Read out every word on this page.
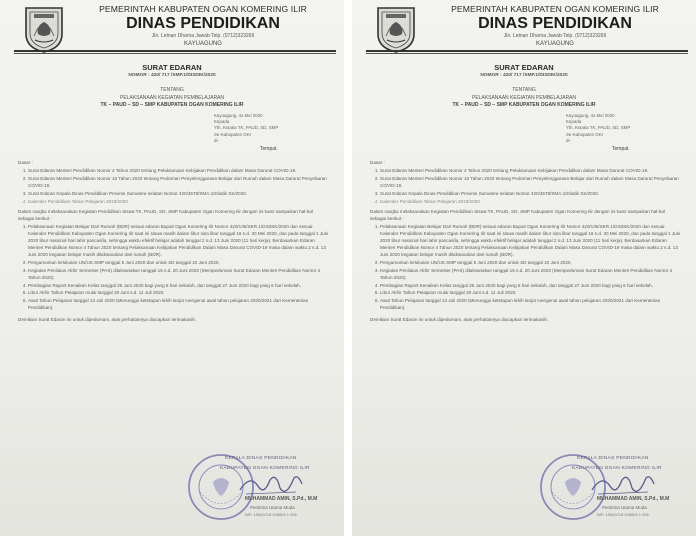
PEMERINTAH KABUPATEN OGAN KOMERING ILIR
DINAS PENDIDIKAN
Jln. Letnan Dharna Jawab Telp. (0712)323269
KAYUAGUNG
SURAT EDARAN
NOMOR : 420/ 717 /SMP.1/DISDIK/2020
TENTANG
PELAKSANAAN KEGIATAN PEMBELAJARAN
TK – PAUD – SD – SMP KABUPATEN OGAN KOMERING ILIR
Kayuagung, 4x Mei 2020
Kepada
Yth. Kepala TK, PAUD, SD, SMP
Se-Kabupaten OKI
di-
Tempat.

Dasar :

1. Surat Edaran Menteri Pendidikan Nomor 4 Tahun 2020 tentang Pelaksanaan Kebijakan Pendidikan dalam Masa Darurat COVID-19.
2. Surat Edaran Menteri Pendidikan Nomor 15 Tahun 2020 tentang Pedoman Penyelenggaraan Belajar dari Rumah dalam Masa Darurat Penyebaran COVID-19.
3. Surat Edaran Kepala Dinas Pendidikan Provinsi Sumatera selatan Nomor 420/4578/SMA.1/Disdik SS/2020.
4. Kalender Pendidikan Tahun Pelajaran 2019/2020.

Dalam rangka melaksanakan Kegiatan Pendidikan Siswa TK, PAUD, SD, SMP Kabupaten Ogan Komering Ilir dengan ini kami sampaikan hal-hal sebagai berikut :

1. Pelaksanaan Kegiatan Belajar Dari Rumah (BDR) sesuai edaran Bupati Ogan Komering Ilir Nomor 420/135/SKR.1/DISDIK/2020 dan sesuai Kalender Pendidikan Kabupaten Ogan Komering Ilir saat ini siswa masih dalam libur sisa libur tanggal 16 s.d. 30 Mei 2020, dan pada tanggal 1 Juni 2020 libur nasional hari lahir pancasila, sehingga waktu efektif belajar adalah tanggal 2 s.d. 13 Juni 2020 (11 hari kerja). Berdasarkan Edaran Menteri Pendidikan Nomor 4 Tahun 2020 tentang Pelaksanaan Kebijakan Pendidikan Dalam Masa Darurat COVID-19 maka dalam waktu 2 s.d. 13 Juni 2020 kegiatan belajar masih dilaksanakan dari rumah (BDR).
2. Pengumuman kelulusan UN/US SMP tanggal 5 Juni 2020 dan untuk SD tanggal 10 Juni 2020.
3. Kegiatan Penilaian Akhir Semester (PAS) dilaksanakan tanggal 15 s.d. 20 Juni 2020 (Mempedomani Surat Edaran Menteri Pendidikan Nomor 4 Tahun 2020).
4. Pembagian Raport Kenaikan Kelas tanggal 26 Juni 2020 bagi yang 5 hari sekolah, dan tanggal 27 Juni 2020 bagi yang 6 hari sekolah.
5. Libur Akhir Tahun Pelajaran mulai tanggal 29 Juni s.d. 11 Juli 2020.
6. Awal Tahun Pelajaran tanggal 13 Juli 2020 (Menunggu ketetapan lebih lanjut mengenai awal tahun pelajaran 2020/2021 dari Kementerian Pendidikan).

Demikian Surat Edaran ini untuk dipedomani, atas perhatiannya diucapkan terimakasih.

KEPALA DINAS PENDIDIKAN
KABUPATEN OGAN KOMERING ILIR
MUHAMMAD AMIN, S.Pd., M.M
Pembina Utama Muda
NIP. 19640218 198503 1 006
PEMERINTAH KABUPATEN OGAN KOMERING ILIR
DINAS PENDIDIKAN
Jln. Letnan Dharna Jawab Telp. (0712)323269
KAYUAGUNG
SURAT EDARAN
NOMOR : 420/ 717 /SMP.1/DISDIK/2020
TENTANG
PELAKSANAAN KEGIATAN PEMBELAJARAN
TK – PAUD – SD – SMP KABUPATEN OGAN KOMERING ILIR
Kayuagung, 4x Mei 2020
Kepada
Yth. Kepala TK, PAUD, SD, SMP
Se-Kabupaten OKI
di-
Tempat.

Dasar :

1. Surat Edaran Menteri Pendidikan Nomor 4 Tahun 2020 tentang Pelaksanaan Kebijakan Pendidikan dalam Masa Darurat COVID-19.
2. Surat Edaran Menteri Pendidikan Nomor 15 Tahun 2020 tentang Pedoman Penyelenggaraan Belajar dari Rumah dalam Masa Darurat Penyebaran COVID-19.
3. Surat Edaran Kepala Dinas Pendidikan Provinsi Sumatera selatan Nomor 420/4578/SMA.1/Disdik SS/2020.
4. Kalender Pendidikan Tahun Pelajaran 2019/2020.

Dalam rangka melaksanakan Kegiatan Pendidikan Siswa TK, PAUD, SD, SMP Kabupaten Ogan Komering Ilir dengan ini kami sampaikan hal-hal sebagai berikut :

1. Pelaksanaan Kegiatan Belajar Dari Rumah (BDR) sesuai edaran Bupati Ogan Komering Ilir Nomor 420/135/SKR.1/DISDIK/2020 dan sesuai Kalender Pendidikan Kabupaten Ogan Komering Ilir saat ini siswa masih dalam libur sisa libur tanggal 16 s.d. 30 Mei 2020, dan pada tanggal 1 Juni 2020 libur nasional hari lahir pancasila, sehingga waktu efektif belajar adalah tanggal 2 s.d. 13 Juni 2020 (11 hari kerja). Berdasarkan Edaran Menteri Pendidikan Nomor 4 Tahun 2020 tentang Pelaksanaan Kebijakan Pendidikan Dalam Masa Darurat COVID-19 maka dalam waktu 2 s.d. 13 Juni 2020 kegiatan belajar masih dilaksanakan dari rumah (BDR).
2. Pengumuman kelulusan UN/US SMP tanggal 5 Juni 2020 dan untuk SD tanggal 10 Juni 2020.
3. Kegiatan Penilaian Akhir Semester (PAS) dilaksanakan tanggal 15 s.d. 20 Juni 2020 (Mempedomani Surat Edaran Menteri Pendidikan Nomor 4 Tahun 2020).
4. Pembagian Raport Kenaikan Kelas tanggal 26 Juni 2020 bagi yang 5 hari sekolah, dan tanggal 27 Juni 2020 bagi yang 6 hari sekolah.
5. Libur Akhir Tahun Pelajaran mulai tanggal 29 Juni s.d. 11 Juli 2020.
6. Awal Tahun Pelajaran tanggal 13 Juli 2020 (Menunggu ketetapan lebih lanjut mengenai awal tahun pelajaran 2020/2021 dari Kementerian Pendidikan).

Demikian Surat Edaran ini untuk dipedomani, atas perhatiannya diucapkan terimakasih.

KEPALA DINAS PENDIDIKAN
KABUPATEN OGAN KOMERING ILIR
MUHAMMAD AMIN, S.Pd., M.M
Pembina Utama Muda
NIP. 19640218 198503 1 006
